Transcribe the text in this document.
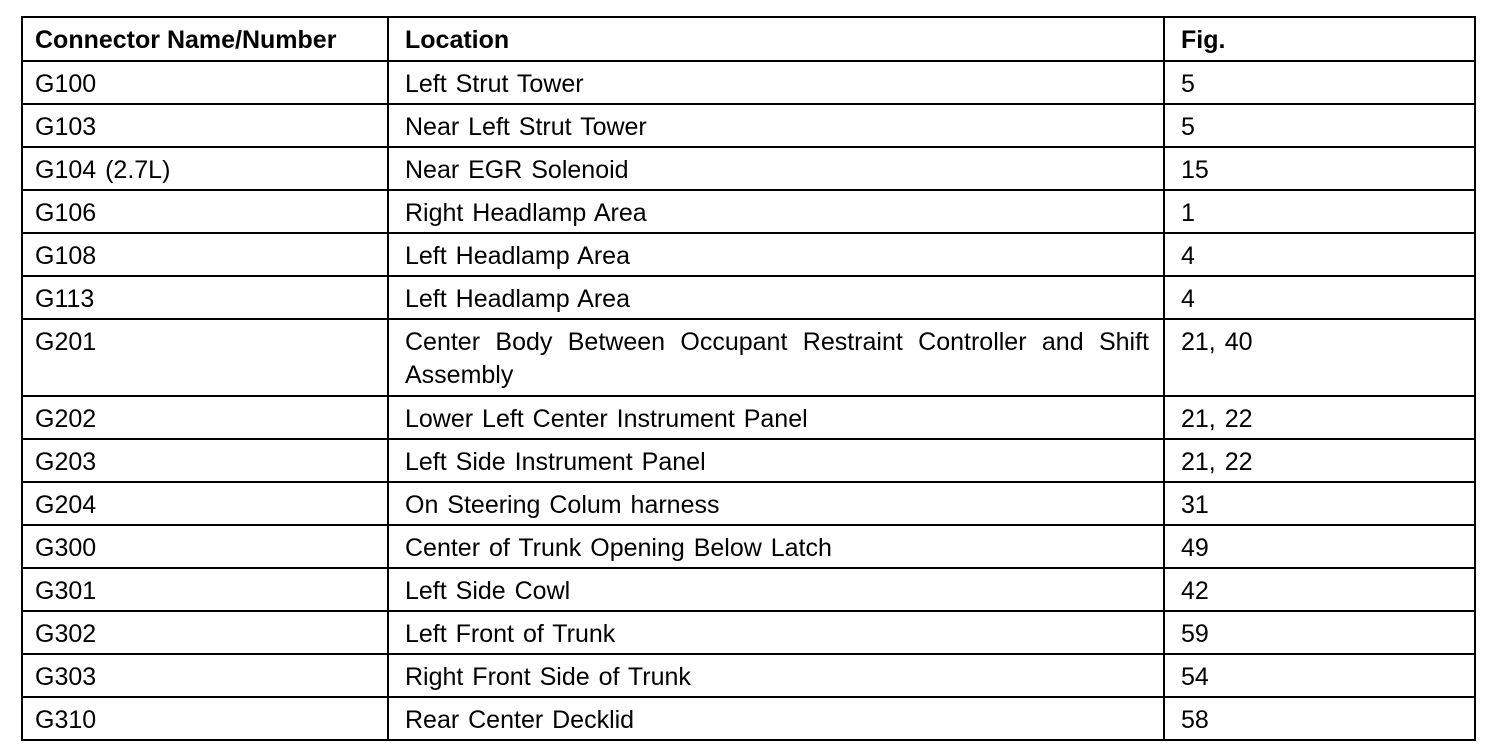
Connector Name/Number	Location	Fig.
G100	Left Strut Tower	5
G103	Near Left Strut Tower	5
G104 (2.7L)	Near EGR Solenoid	15
G106	Right Headlamp Area	1
G108	Left Headlamp Area	4
G113	Left Headlamp Area	4
G201	Center Body Between Occupant Restraint Controller and Shift Assembly	21, 40
G202	Lower Left Center Instrument Panel	21, 22
G203	Left Side Instrument Panel	21, 22
G204	On Steering Colum harness	31
G300	Center of Trunk Opening Below Latch	49
G301	Left Side Cowl	42
G302	Left Front of Trunk	59
G303	Right Front Side of Trunk	54
G310	Rear Center Decklid	58
